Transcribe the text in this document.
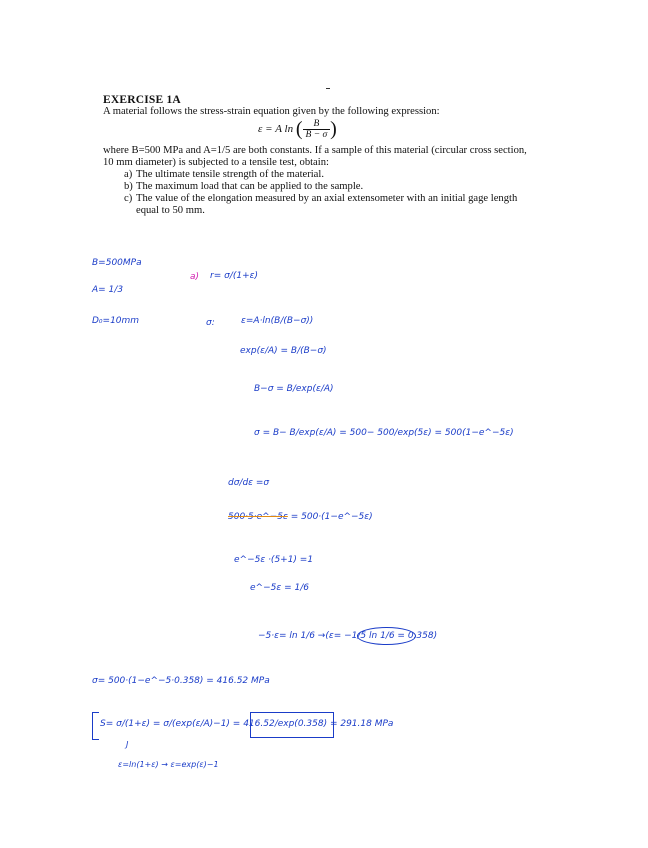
EXERCISE 1A
A material follows the stress-strain equation given by the following expression:
ε = A ln ( $\frac{B}{B - \sigma}$ )
where B=500 MPa and A=1/5 are both constants. If a sample of this material (circular cross section,
10 mm diameter) is subjected to a tensile test, obtain:
a) The ultimate tensile strength of the material.
b) The maximum load that can be applied to the sample.
c) The value of the elongation measured by an axial extensometer with an initial gage length
equal to 50 mm.
B=500MPa
A= 1/3
D₀=10mm
a) r= σ/(1+ε)
σ:	ε=A·ln(B/(B−σ))
exp(ε/A) = B/(B−σ)
B−σ = B/exp(ε/A)
σ = B− B/exp(ε/A) = 500− 500/exp(5ε) = 500(1−e^−5ε)
dσ/dε =σ
500·5·e^−5ε = 500·(1−e^−5ε)
e^−5ε ·(5+1) =1
e^−5ε = 1/6
−5·ε= ln 1/6 →(ε= −1/5 ln 1/6 = 0.358)
σ= 500·(1−e^−5·0.358) = 416.52 MPa
S= σ/(1+ε) = σ/(exp(ε/A)−1) = 416.52/exp(0.358) = 291.18 MPa
J
ε=ln(1+ε) → ε=exp(ε)−1
